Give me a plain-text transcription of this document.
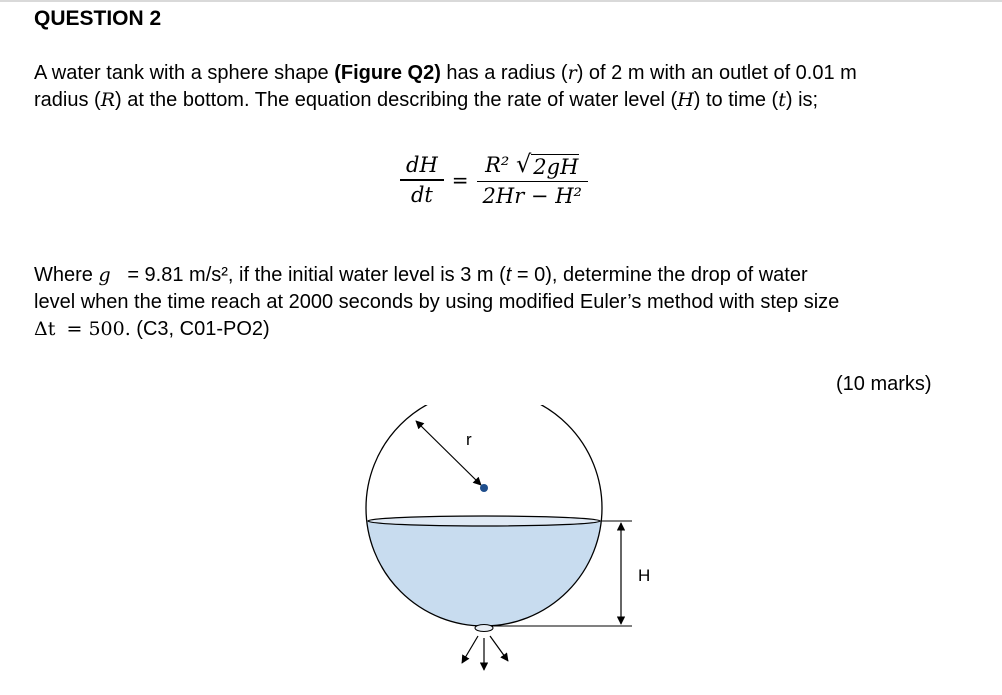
QUESTION 2
A water tank with a sphere shape (Figure Q2) has a radius (r) of 2 m with an outlet of 0.01 m
radius (R) at the bottom. The equation describing the rate of water level (H) to time (t) is;
$\frac{dH}{dt} = \frac{\text{R² √ 2gH}}{\text{2Hr − H²}}$
Where g = 9.81 m/s², if the initial water level is 3 m (t = 0), determine the drop of water
level when the time reach at 2000 seconds by using modified Euler’s method with step size
Δt = 500. (C3, C01-PO2)
(10 marks)
r
H
